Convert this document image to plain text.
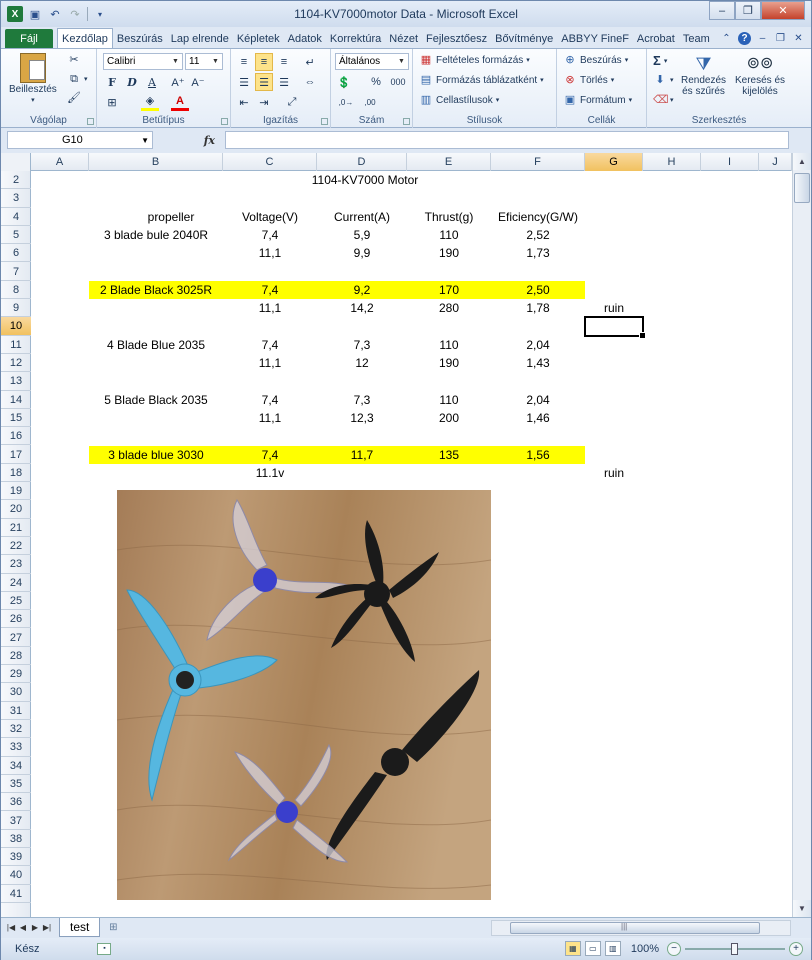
X	▣ ↶ ↷	▾	1104-KV7000motor Data - Microsoft Excel	–	❐	✕
Fájl	Kezdőlap Beszúrás Lap elrende Képletek Adatok Korrektúra Nézet Fejlesztőesz Bővítménye ABBYY FineF Acrobat Team	⌃	?	–	❐ ✕
Beillesztés
▾
✂
⧉ ▾
🖌
Vágólap
Calibri	▼ 11 ▼
F	D	A	A⁺ A⁻
⊞	◈	A
Betűtípus
≡	≡	≡	↵
☰ ☰ ☰	⇔
⇤ ⇥	⤢
Igazítás
Általános	▼
💲	%	000
,0→	,00
Szám
▦ Feltételes formázás ▾
▤ Formázás táblázatként ▾
▥ Cellastílusok ▾
Stílusok
⊕ Beszúrás ▾
⊗ Törlés ▾
▣ Formátum ▾
Cellák
Σ ▾
⬇ ▾
⌫ ▾
⧩
Rendezés
és szűrés
⊚⊚
Keresés és
kijelölés
Szerkesztés
G10	▼	fx
A	B	C	D	E	F	G	H	I	J
2
3
4
5
6
7
8
9
10
11
12
13
14
15
16
17
18
19
20
21
22
23
24
25
26
27
28
29
30
31
32
33
34
35
36
37
38
39
40
41
1104-KV7000 Motor
propeller	Voltage(V)	Current(A)	Thrust(g)	Eficiency(G/W)
3 blade bule 2040R	7,4	5,9	110	2,52
11,1	9,9	190	1,73
2 Blade Black 3025R	7,4	9,2	170	2,50
11,1	14,2	280	1,78	ruin
4 Blade Blue 2035	7,4	7,3	110	2,04
11,1	12	190	1,43
5 Blade Black 2035	7,4	7,3	110	2,04
11,1	12,3	200	1,46
3 blade blue 3030	7,4	11,7	135	1,56
11.1v	ruin
▲
▼
|◀ ◀ ▶ ▶|	test	⊞	|||
Kész	▪	▦	▭	▥	100%	−	+
